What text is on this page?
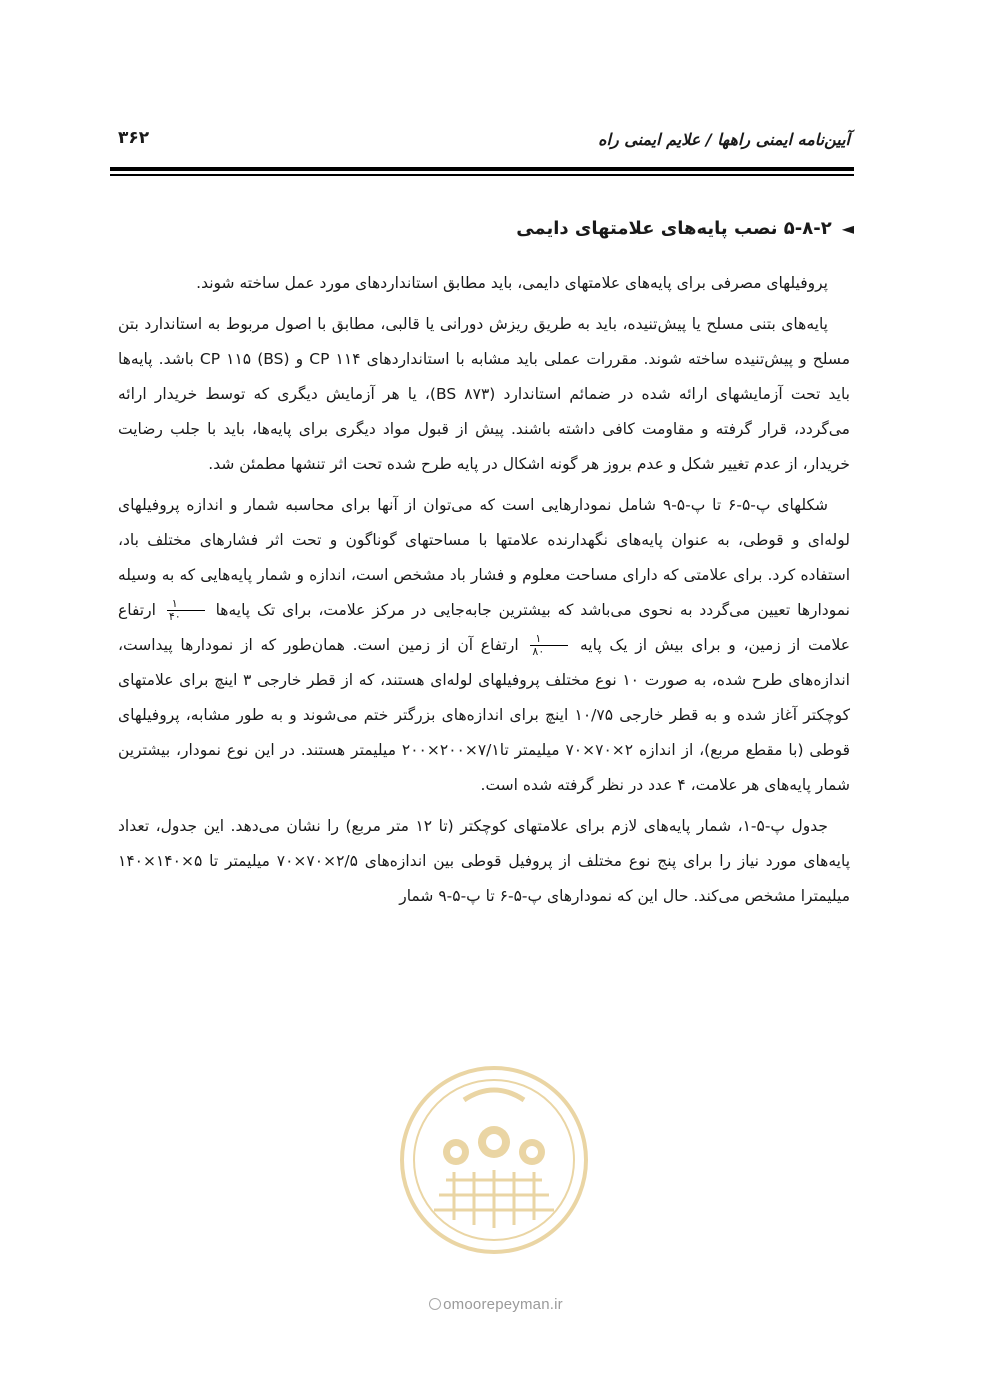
آیین‌نامه ایمنی راهها / علایم ایمنی راه
۳۶۲
◄
۵-۸-۲ نصب پایه‌های علامتهای دایمی

پروفیلهای مصرفی برای پایه‌های علامتهای دایمی، باید مطابق استانداردهای مورد عمل ساخته شوند.

پایه‌های بتنی مسلح یا پیش‌تنیده، باید به طریق ریزش دورانی یا قالبی، مطابق با اصول مربوط به استاندارد بتن مسلح و پیش‌تنیده ساخته شوند. مقررات عملی باید مشابه با استانداردهای CP ۱۱۴ و CP ۱۱۵ (BS) باشد. پایه‌ها باید تحت آزمایشهای ارائه شده در ضمائم استاندارد (BS ۸۷۳)، یا هر آزمایش دیگری که توسط خریدار ارائه می‌گردد، قرار گرفته و مقاومت کافی داشته باشند. پیش از قبول مواد دیگری برای پایه‌ها، باید با جلب رضایت خریدار، از عدم تغییر شکل و عدم بروز هر گونه اشکال در پایه طرح شده تحت اثر تنشها مطمئن شد.

شکلهای پ-۵-۶ تا پ-۵-۹ شامل نمودارهایی است که می‌توان از آنها برای محاسبه شمار و اندازه پروفیلهای لوله‌ای و قوطی، به عنوان پایه‌های نگهدارنده علامتها با مساحتهای گوناگون و تحت اثر فشارهای مختلف باد، استفاده کرد. برای علامتی که دارای مساحت معلوم و فشار باد مشخص است، اندازه و شمار پایه‌هایی که به وسیله نمودارها تعیین می‌گردد به نحوی می‌باشد که بیشترین جابه‌جایی در مرکز علامت، برای تک پایه‌ها
$\frac{۱}{۴۰}$
ارتفاع علامت از زمین، و برای بیش از یک پایه
$\frac{۱}{۸۰}$
ارتفاع آن از زمین است. همان‌طور که از نمودارها پیداست، اندازه‌های طرح شده، به صورت ۱۰ نوع مختلف پروفیلهای لوله‌ای هستند، که از قطر خارجی ۳ اینچ برای علامتهای کوچکتر آغاز شده و به قطر خارجی ۱۰/۷۵ اینچ برای اندازه‌های بزرگتر ختم می‌شوند و به طور مشابه، پروفیلهای قوطی (با مقطع مربع)، از اندازه ۲×۷۰×۷۰ میلیمتر تا۷/۱×۲۰۰×۲۰۰ میلیمتر هستند. در این نوع نمودار، بیشترین شمار پایه‌های هر علامت، ۴ عدد در نظر گرفته شده است.

جدول پ-۵-۱، شمار پایه‌های لازم برای علامتهای کوچکتر (تا ۱۲ متر مربع) را نشان می‌دهد. این جدول، تعداد پایه‌های مورد نیاز را برای پنج نوع مختلف از پروفیل قوطی بین اندازه‌های ۲/۵×۷۰×۷۰ میلیمتر تا ۵×۱۴۰×۱۴۰ میلیمترا مشخص می‌کند. حال این که نمودارهای پ-۵-۶ تا پ-۵-۹ شمار

omoorepeyman.ir
